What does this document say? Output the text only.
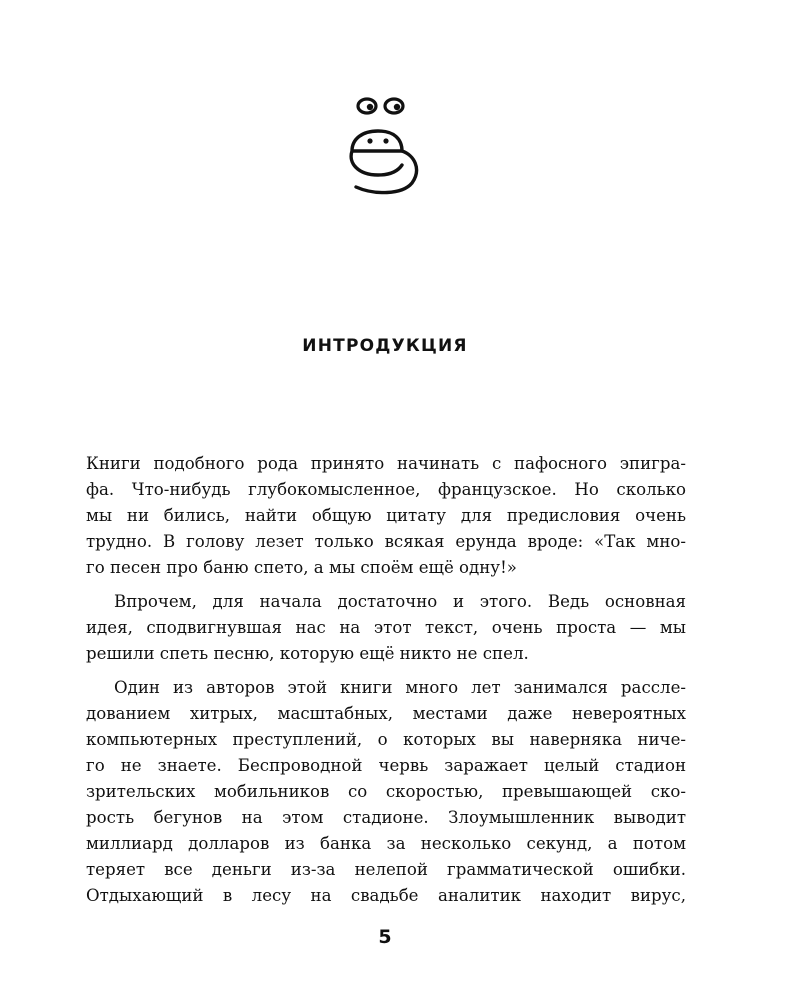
ИНТРОДУКЦИЯ
Книги подобного рода принято начинать с пафосного эпигра-
фа. Что-нибудь глубокомысленное, французское. Но сколько
мы ни бились, найти общую цитату для предисловия очень
трудно. В голову лезет только всякая ерунда вроде: «Так мно-
го песен про баню спето, а мы споём ещё одну!»
Впрочем, для начала достаточно и этого. Ведь основная
идея, сподвигнувшая нас на этот текст, очень проста — мы
решили спеть песню, которую ещё никто не спел.
Один из авторов этой книги много лет занимался рассле-
дованием хитрых, масштабных, местами даже невероятных
компьютерных преступлений, о которых вы наверняка ниче-
го не знаете. Беспроводной червь заражает целый стадион
зрительских мобильников со скоростью, превышающей ско-
рость бегунов на этом стадионе. Злоумышленник выводит
миллиард долларов из банка за несколько секунд, а потом
теряет все деньги из-за нелепой грамматической ошибки.
Отдыхающий в лесу на свадьбе аналитик находит вирус,
5
